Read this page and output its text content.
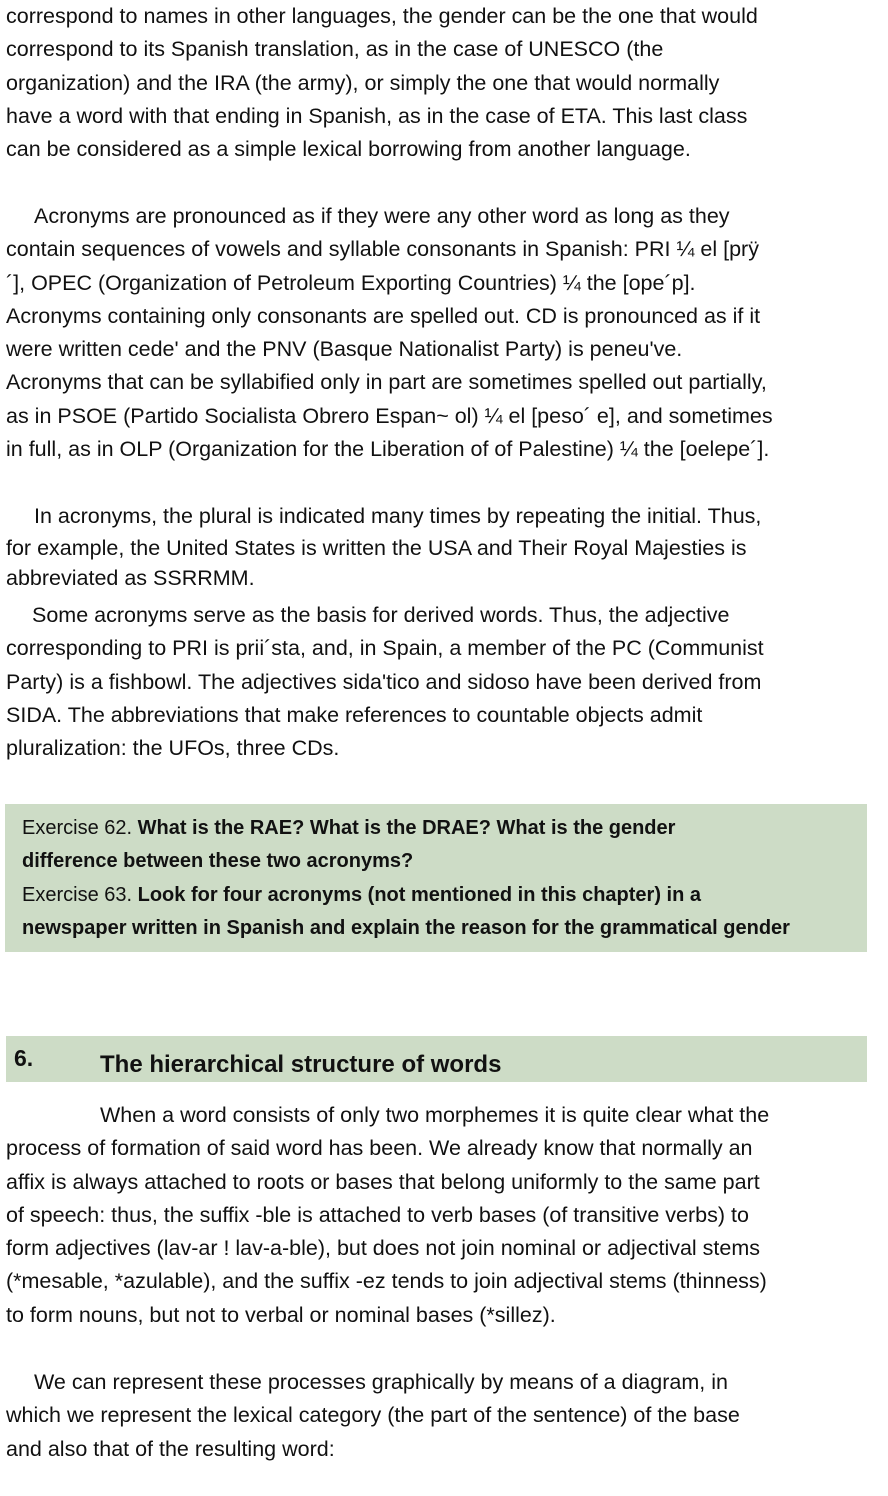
correspond to names in other languages, the gender can be the one that would
correspond to its Spanish translation, as in the case of UNESCO (the
organization) and the IRA (the army), or simply the one that would normally
have a word with that ending in Spanish, as in the case of ETA. This last class
can be considered as a simple lexical borrowing from another language.

Acronyms are pronounced as if they were any other word as long as they
contain sequences of vowels and syllable consonants in Spanish: PRI ¼ el [prÿ
´], OPEC (Organization of Petroleum Exporting Countries) ¼ the [ope´p].
Acronyms containing only consonants are spelled out. CD is pronounced as if it
were written cede' and the PNV (Basque Nationalist Party) is peneu've.
Acronyms that can be syllabified only in part are sometimes spelled out partially,
as in PSOE (Partido Socialista Obrero Espan~ ol) ¼ el [peso´ e], and sometimes
in full, as in OLP (Organization for the Liberation of of Palestine) ¼ the [oelepe´].

In acronyms, the plural is indicated many times by repeating the initial. Thus,
for example, the United States is written the USA and Their Royal Majesties is
abbreviated as SSRRMM.

Some acronyms serve as the basis for derived words. Thus, the adjective
corresponding to PRI is prii´sta, and, in Spain, a member of the PC (Communist
Party) is a fishbowl. The adjectives sida'tico and sidoso have been derived from
SIDA. The abbreviations that make references to countable objects admit
pluralization: the UFOs, three CDs.

Exercise 62. What is the RAE? What is the DRAE? What is the gender
difference between these two acronyms?
Exercise 63. Look for four acronyms (not mentioned in this chapter) in a
newspaper written in Spanish and explain the reason for the grammatical gender
6.	The hierarchical structure of words

When a word consists of only two morphemes it is quite clear what the
process of formation of said word has been. We already know that normally an
affix is always attached to roots or bases that belong uniformly to the same part
of speech: thus, the suffix -ble is attached to verb bases (of transitive verbs) to
form adjectives (lav-ar ! lav-a-ble), but does not join nominal or adjectival stems
(*mesable, *azulable), and the suffix -ez tends to join adjectival stems (thinness)
to form nouns, but not to verbal or nominal bases (*sillez).

We can represent these processes graphically by means of a diagram, in
which we represent the lexical category (the part of the sentence) of the base
and also that of the resulting word:
